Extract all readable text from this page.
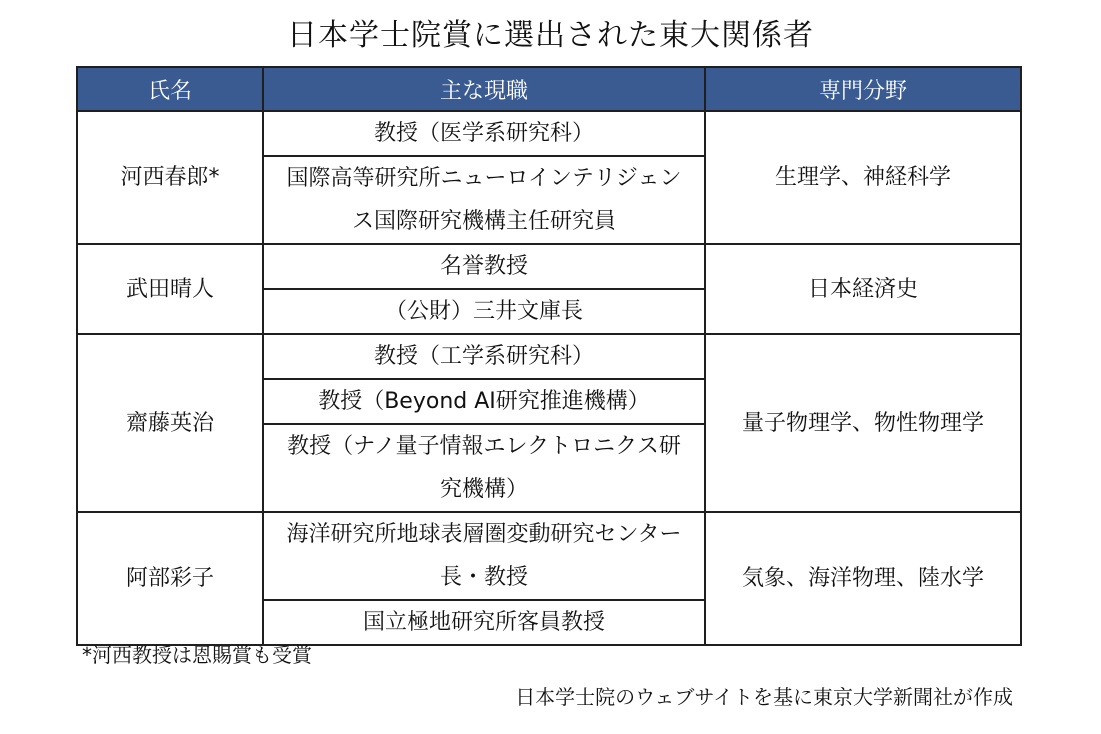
日本学士院賞に選出された東大関係者
氏名	主な現職	専門分野
河西春郎*	教授（医学系研究科）	生理学、神経科学
	国際高等研究所ニューロインテリジェンス国際研究機構主任研究員	
武田晴人	名誉教授	日本経済史
	（公財）三井文庫長	
齋藤英治	教授（工学系研究科）	量子物理学、物性物理学
	教授（Beyond AI研究推進機構）	
	教授（ナノ量子情報エレクトロニクス研究機構）	
阿部彩子	海洋研究所地球表層圏変動研究センター長・教授	気象、海洋物理、陸水学
	国立極地研究所客員教授	
*河西教授は恩賜賞も受賞
日本学士院のウェブサイトを基に東京大学新聞社が作成
